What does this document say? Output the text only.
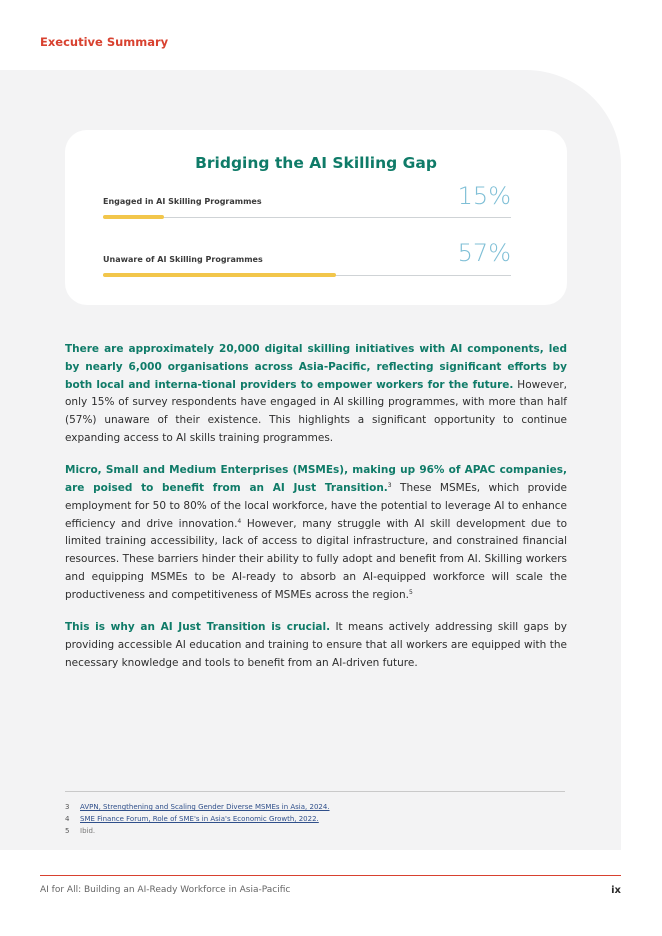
Executive Summary
Bridging the AI Skilling Gap
Engaged in AI Skilling Programmes	15%
Unaware of AI Skilling Programmes	57%

There are approximately 20,000 digital skilling initiatives with AI components, led by nearly 6,000 organisations across Asia-Pacific, reflecting significant efforts by both local and interna-tional providers to empower workers for the future. However, only 15% of survey respondents have engaged in AI skilling programmes, with more than half (57%) unaware of their existence. This highlights a significant opportunity to continue expanding access to AI skills training programmes.

Micro, Small and Medium Enterprises (MSMEs), making up 96% of APAC companies, are poised to benefit from an AI Just Transition.$^3$ These MSMEs, which provide employment for 50 to 80% of the local workforce, have the potential to leverage AI to enhance efficiency and drive innovation.$^4$ However, many struggle with AI skill development due to limited training accessibility, lack of access to digital infrastructure, and constrained financial resources. These barriers hinder their ability to fully adopt and benefit from AI. Skilling workers and equipping MSMEs to be AI-ready to absorb an AI-equipped workforce will scale the productiveness and competitiveness of MSMEs across the region.$^5$

This is why an AI Just Transition is crucial. It means actively addressing skill gaps by providing accessible AI education and training to ensure that all workers are equipped with the necessary knowledge and tools to benefit from an AI-driven future.

3	AVPN, Strengthening and Scaling Gender Diverse MSMEs in Asia, 2024.
4	SME Finance Forum, Role of SME's in Asia's Economic Growth, 2022.
5	Ibid.
AI for All: Building an AI-Ready Workforce in Asia-Pacific	ix
